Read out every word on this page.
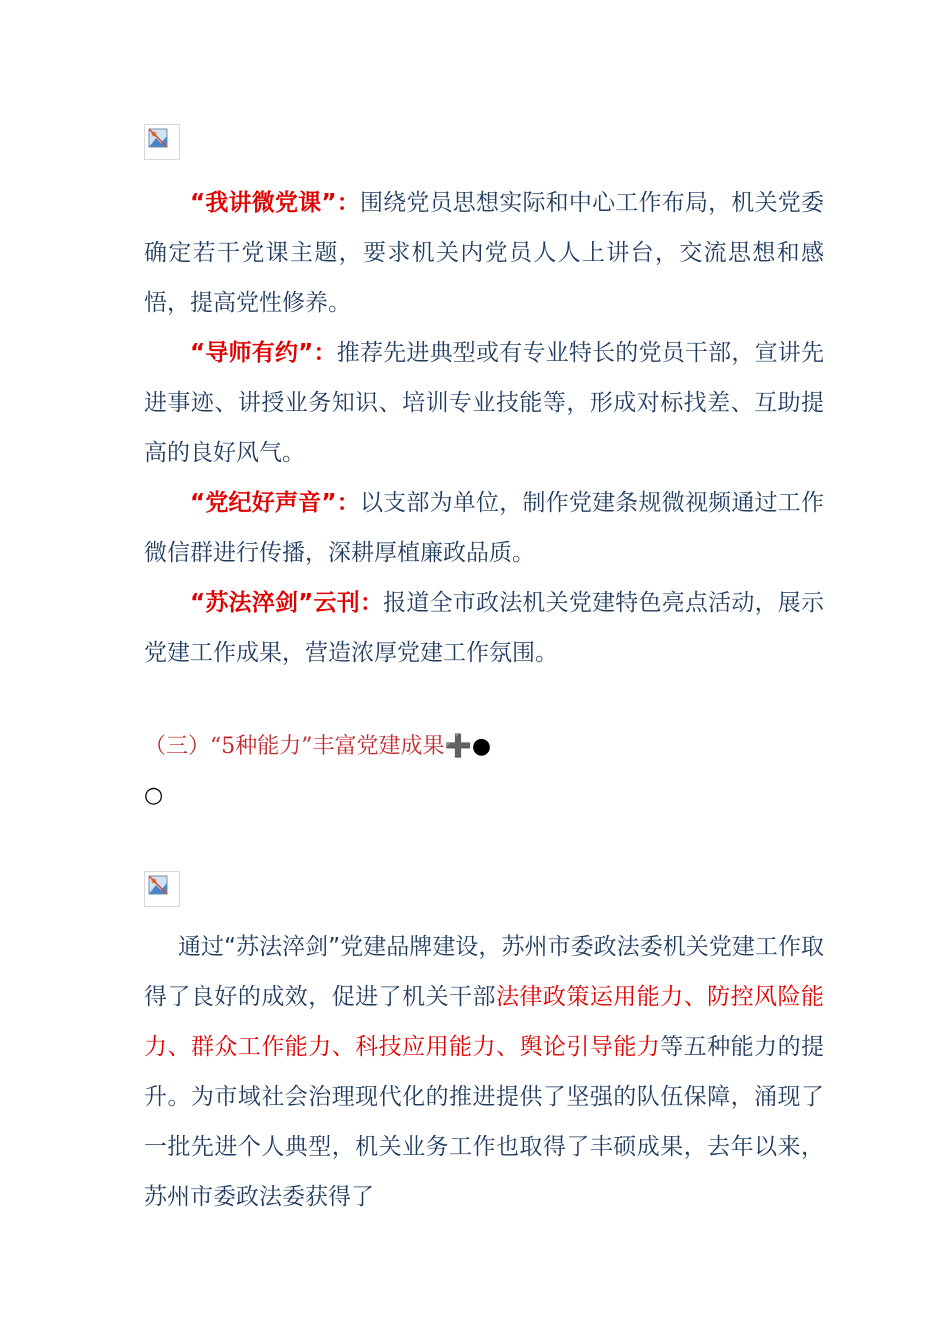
“我讲微党课”：围绕党员思想实际和中心工作布局，机关党委确定若干党课主题，要求机关内党员人人上讲台，交流思想和感悟，提高党性修养。

“导师有约”：推荐先进典型或有专业特长的党员干部，宣讲先进事迹、讲授业务知识、培训专业技能等，形成对标找差、互助提高的良好风气。

“党纪好声音”：以支部为单位，制作党建条规微视频通过工作微信群进行传播，深耕厚植廉政品质。

“苏法淬剑”云刊：报道全市政法机关党建特色亮点活动，展示党建工作成果，营造浓厚党建工作氛围。

（三）“5种能力”丰富党建成果➕●
○

通过“苏法淬剑”党建品牌建设，苏州市委政法委机关党建工作取得了良好的成效，促进了机关干部法律政策运用能力、防控风险能力、群众工作能力、科技应用能力、舆论引导能力等五种能力的提升。为市域社会治理现代化的推进提供了坚强的队伍保障，涌现了一批先进个人典型，机关业务工作也取得了丰硕成果，去年以来，苏州市委政法委获得了
